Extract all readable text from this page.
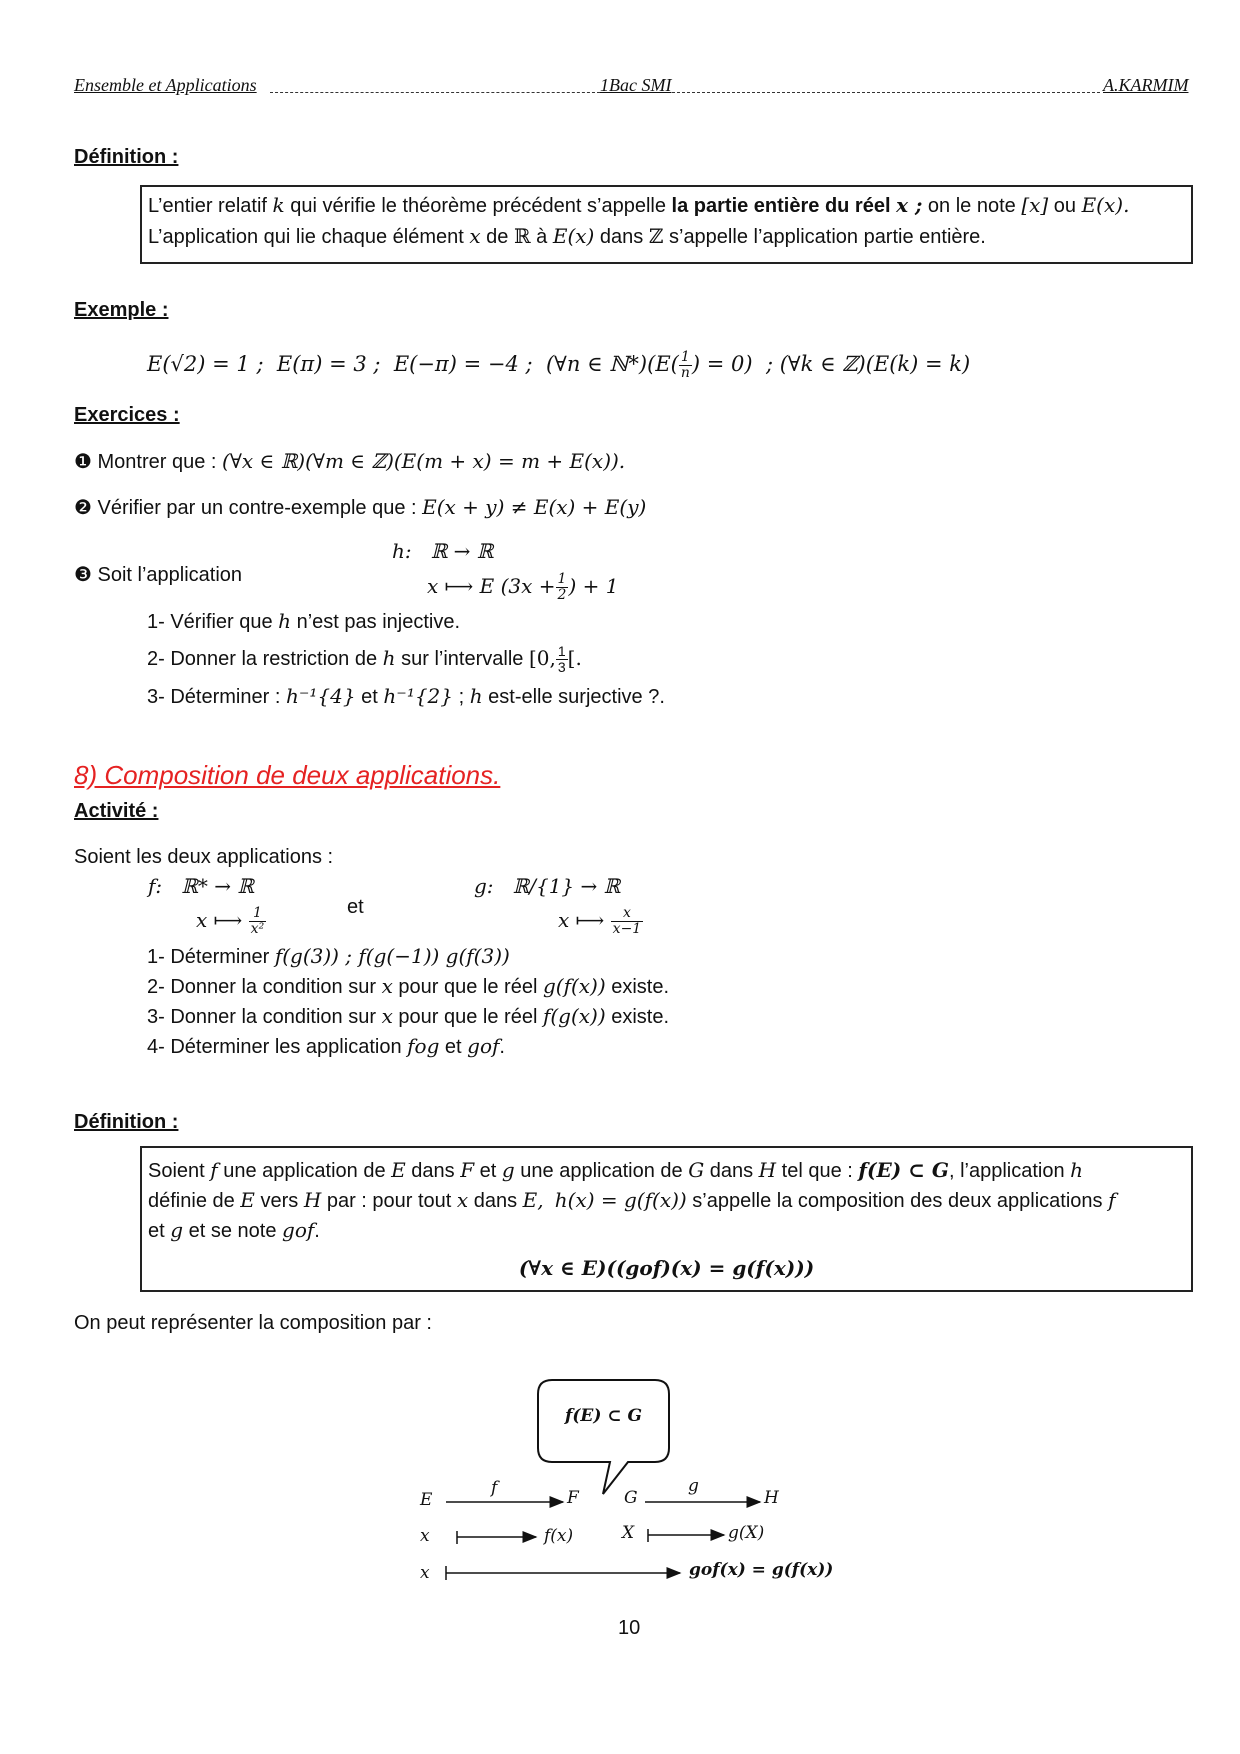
Ensemble et Applications	1Bac SMI	A.KARMIM
Définition :
L’entier relatif k qui vérifie le théorème précédent s’appelle la partie entière du réel x ; on le note [x] ou E(x).
L’application qui lie chaque élément x de ℝ à E(x) dans ℤ s’appelle l’application partie entière.
Exemple :
E(√2) = 1 ; E(π) = 3 ; E(−π) = −4 ; (∀n ∈ ℕ*)(E( $\frac{1}{n}$ ) = 0) ; (∀k ∈ ℤ)(E(k) = k)
Exercices :
❶ Montrer que : (∀x ∈ ℝ)(∀m ∈ ℤ)(E(m + x) = m + E(x)).
❷ Vérifier par un contre-exemple que : E(x + y) ≠ E(x) + E(y)
❸ Soit l’application
h: ℝ → ℝ
x ⟼ E ($3x + \frac{1}{2}$ ) + 1
1- Vérifier que h n’est pas injective.
2- Donner la restriction de h sur l’intervalle [0, $\frac{1}{3}$ [.
3- Déterminer : h⁻¹{4} et h⁻¹{2} ; h est-elle surjective ?.
8) Composition de deux applications.
Activité :
Soient les deux applications :
f: ℝ* → ℝ
x ⟼ $\frac{1}{\text{x²}}$	et
g: ℝ/{1} → ℝ
x ⟼ $\frac{x}{x-1}$
1- Déterminer f(g(3)) ; f(g(−1)) g(f(3))
2- Donner la condition sur x pour que le réel g(f(x)) existe.
3- Donner la condition sur x pour que le réel f(g(x)) existe.
4- Déterminer les application fog et gof.
Définition :
Soient f une application de E dans F et g une application de G dans H tel que : f(E) ⊂ G, l’application h
définie de E vers H par : pour tout x dans E, h(x) = g(f(x)) s’appelle la composition des deux applications f
et g et se note gof.
(∀x ∈ E)((gof)(x) = g(f(x)))
On peut représenter la composition par :
f(E) ⊂ G
E
f	F	G
g
H
x	f(x)	X	g(X)
x	gof(x) = g(f(x))
10
